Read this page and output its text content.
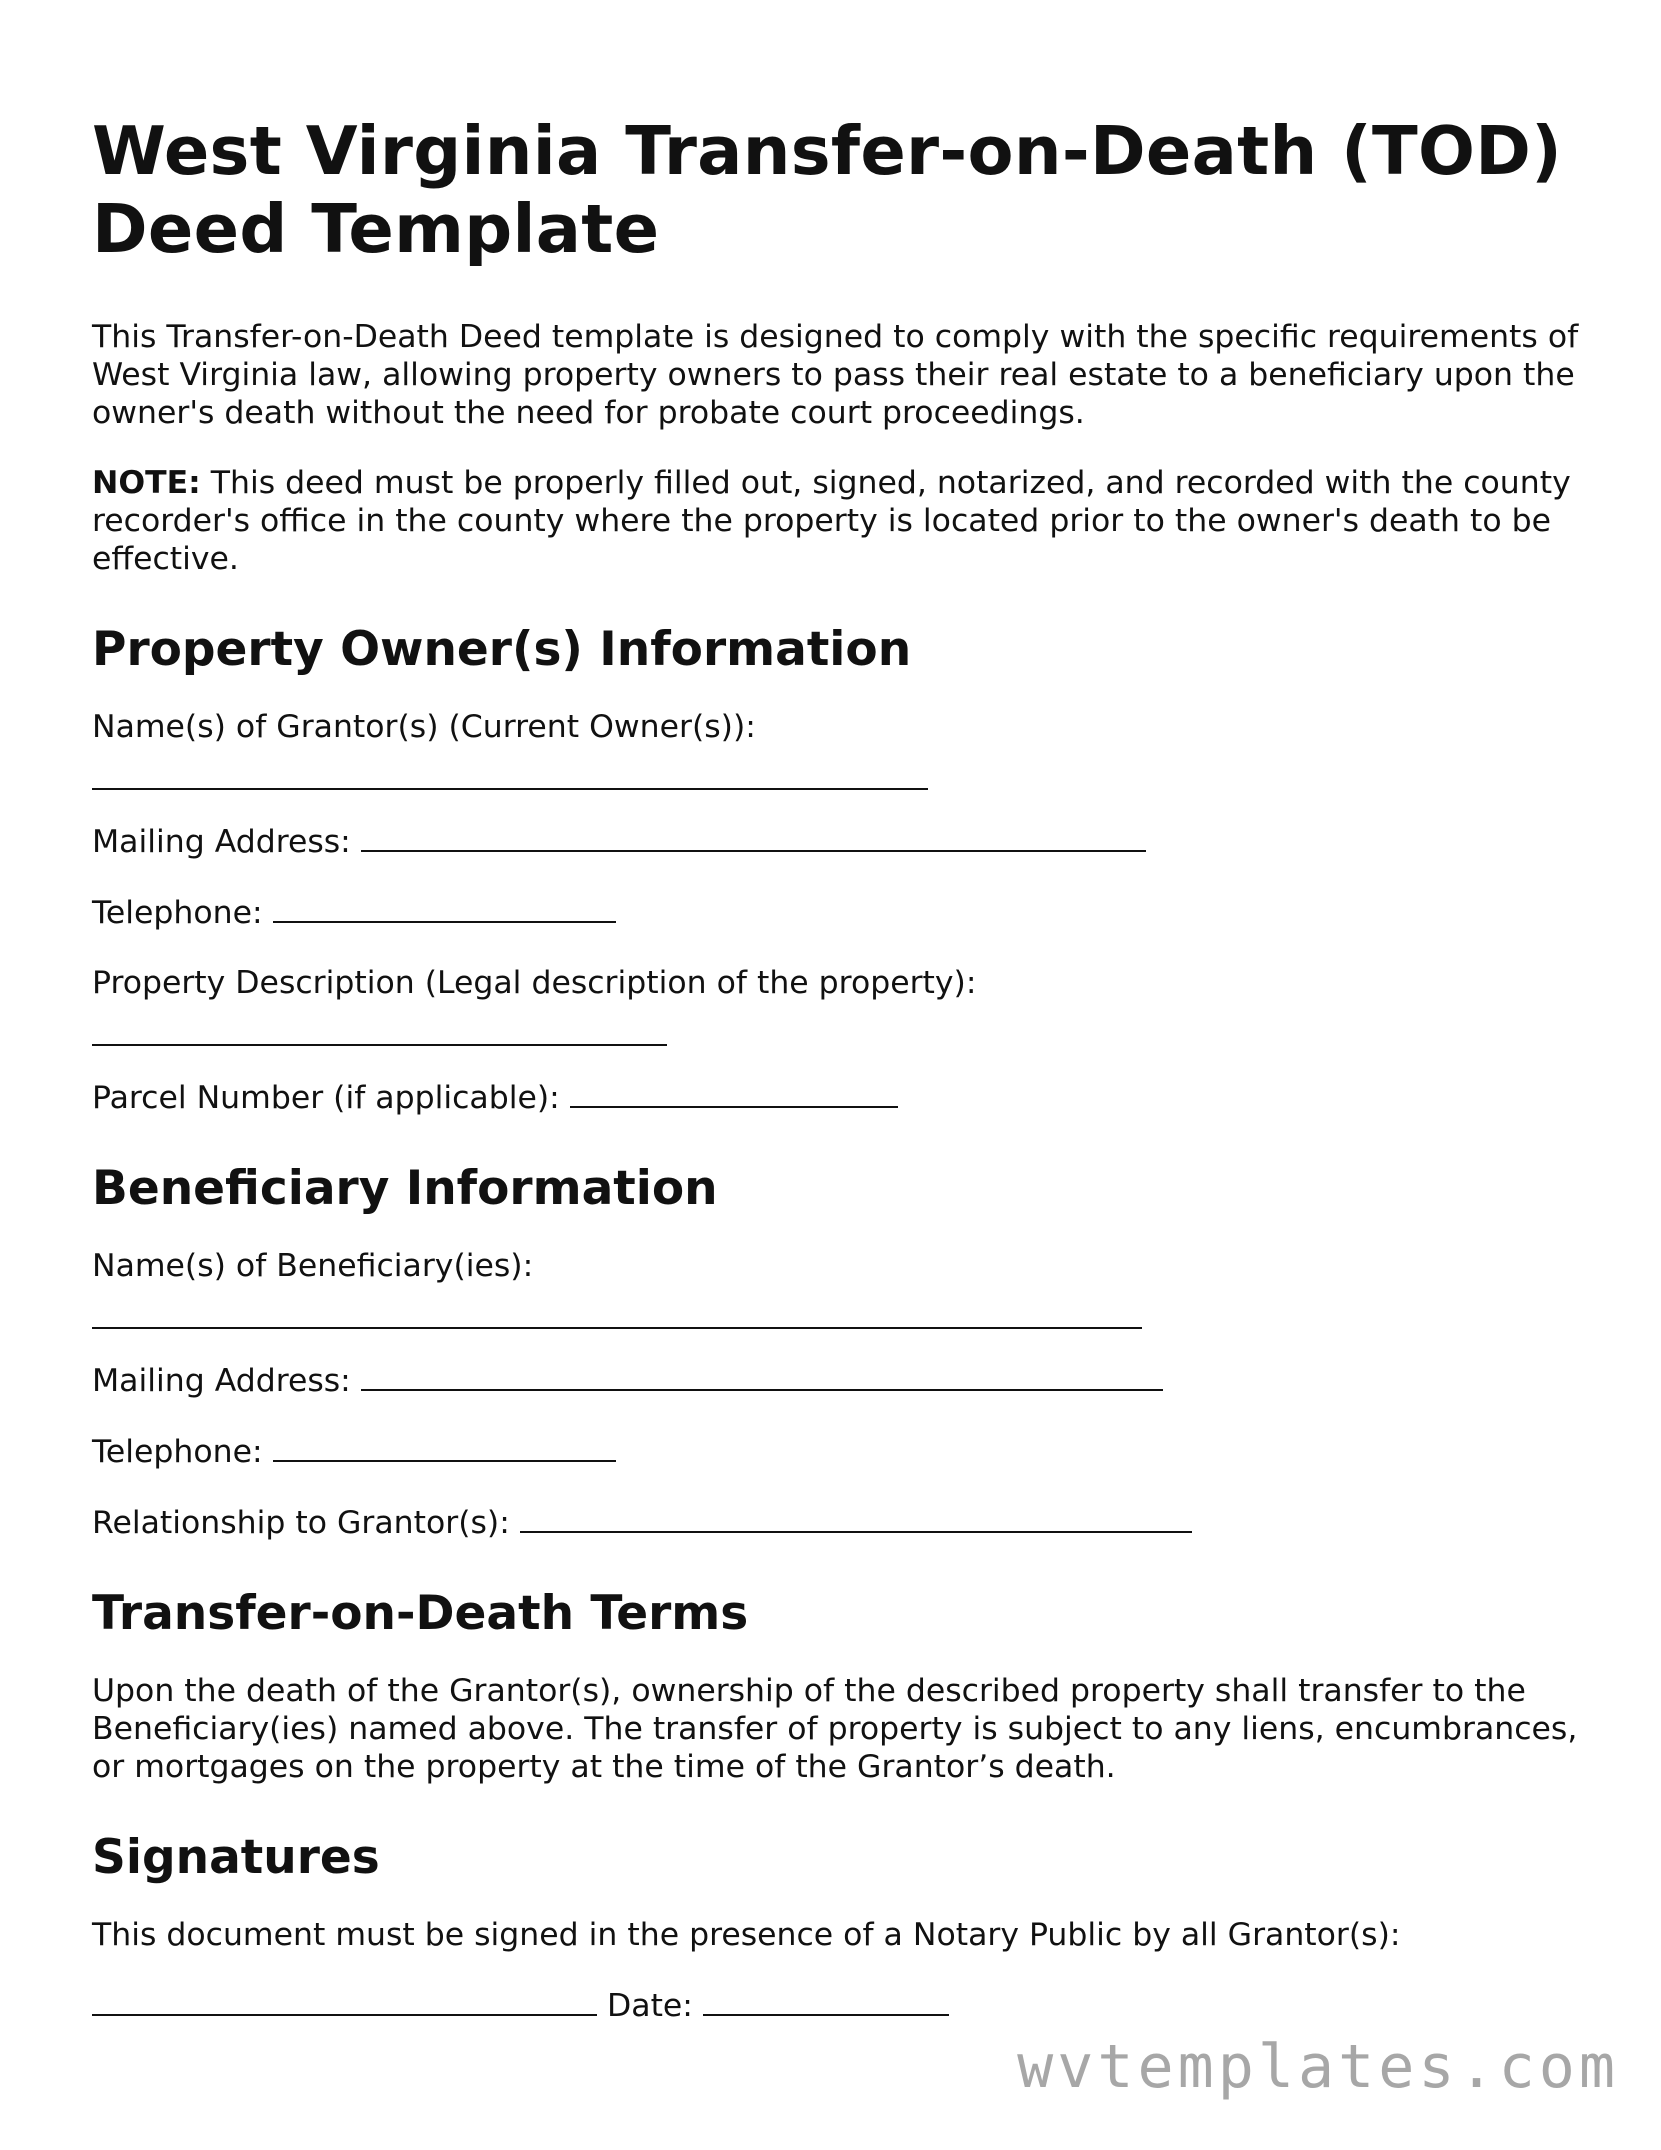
West Virginia Transfer-on-Death (TOD) Deed Template

This Transfer-on-Death Deed template is designed to comply with the specific requirements of West Virginia law, allowing property owners to pass their real estate to a beneficiary upon the owner's death without the need for probate court proceedings.

NOTE: This deed must be properly filled out, signed, notarized, and recorded with the county recorder's office in the county where the property is located prior to the owner's death to be effective.

Property Owner(s) Information
Name(s) of Grantor(s) (Current Owner(s)):
Mailing Address:
Telephone:
Property Description (Legal description of the property):
Parcel Number (if applicable):
Beneficiary Information
Name(s) of Beneficiary(ies):
Mailing Address:
Telephone:
Relationship to Grantor(s):
Transfer-on-Death Terms

Upon the death of the Grantor(s), ownership of the described property shall transfer to the Beneficiary(ies) named above. The transfer of property is subject to any liens, encumbrances, or mortgages on the property at the time of the Grantor’s death.

Signatures

This document must be signed in the presence of a Notary Public by all Grantor(s):

Date:
wvtemplates.com
